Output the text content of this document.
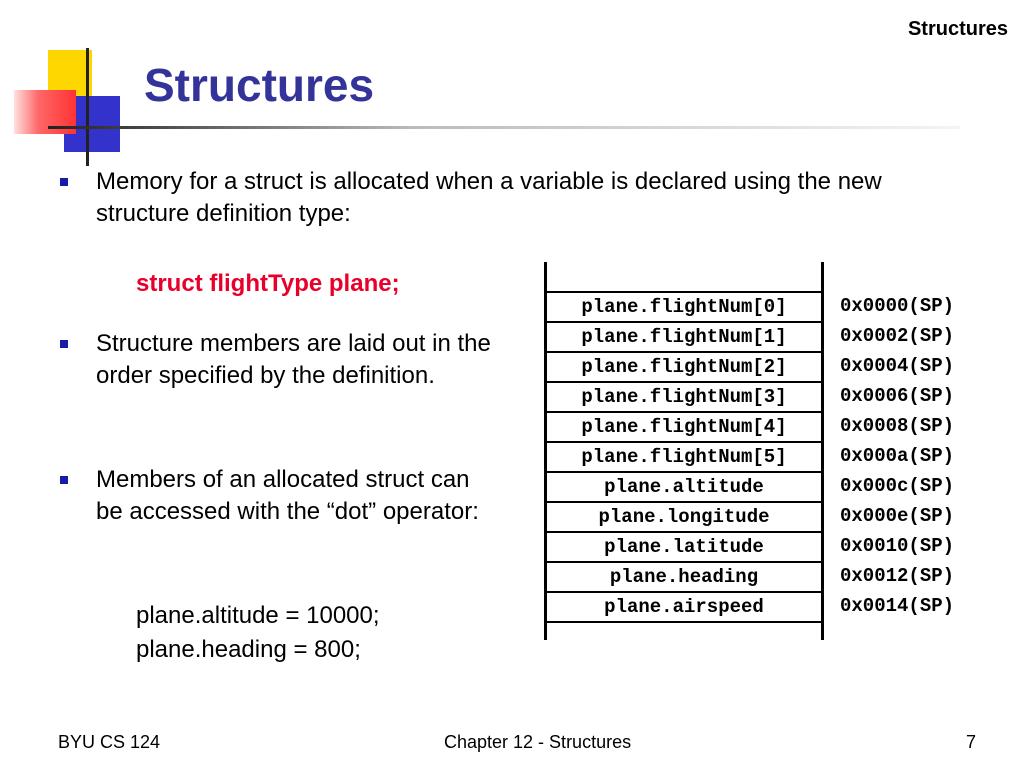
Structures
Structures
Memory for a struct is allocated when a variable is declared using the new structure definition type:
struct flightType plane;
Structure members are laid out in the order specified by the definition.
Members of an allocated struct can be accessed with the “dot” operator:
plane.altitude = 10000;
plane.heading = 800;
plane.flightNum[0]
plane.flightNum[1]
plane.flightNum[2]
plane.flightNum[3]
plane.flightNum[4]
plane.flightNum[5]
plane.altitude
plane.longitude
plane.latitude
plane.heading
plane.airspeed
0x0000(SP)
0x0002(SP)
0x0004(SP)
0x0006(SP)
0x0008(SP)
0x000a(SP)
0x000c(SP)
0x000e(SP)
0x0010(SP)
0x0012(SP)
0x0014(SP)
BYU CS 124	Chapter 12 - Structures	7
